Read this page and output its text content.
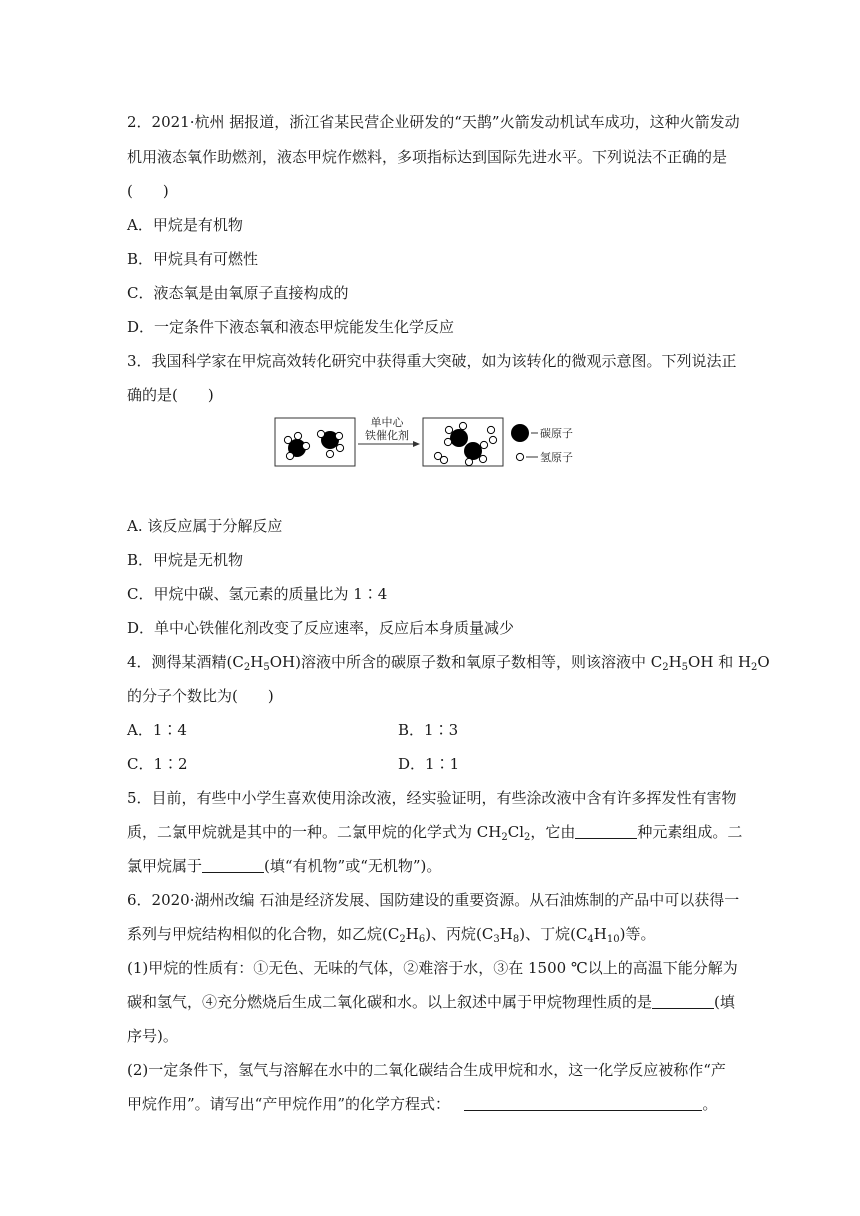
2．2021·杭州 据报道，浙江省某民营企业研发的“天鹊”火箭发动机试车成功，这种火箭发动
机用液态氧作助燃剂，液态甲烷作燃料，多项指标达到国际先进水平。下列说法不正确的是
(　　)
A．甲烷是有机物
B．甲烷具有可燃性
C．液态氧是由氧原子直接构成的
D．一定条件下液态氧和液态甲烷能发生化学反应
3．我国科学家在甲烷高效转化研究中获得重大突破，如为该转化的微观示意图。下列说法正
确的是(　　)
单中心
铁催化剂	碳原子
氢原子
A. 该反应属于分解反应
B．甲烷是无机物
C．甲烷中碳、氢元素的质量比为 1∶4
D．单中心铁催化剂改变了反应速率，反应后本身质量减少
4．测得某酒精$(C_2H_5OH)$溶液中所含的碳原子数和氧原子数相等，则该溶液中 $C_2H_5OH$ 和 $H_2O$
的分子个数比为(　　)
A．1∶4	B．1∶3
C．1∶2	D．1∶1
5．目前，有些中小学生喜欢使用涂改液，经实验证明，有些涂改液中含有许多挥发性有害物
质，二氯甲烷就是其中的一种。二氯甲烷的化学式为 $CH_2Cl_2$，它由	种元素组成。二
氯甲烷属于	(填“有机物”或“无机物”)。
6．2020·湖州改编 石油是经济发展、国防建设的重要资源。从石油炼制的产品中可以获得一
系列与甲烷结构相似的化合物，如乙烷$(C_2H_6)$、丙烷$(C_3H_8)$、丁烷$(C_4H_{10})$等。
(1)甲烷的性质有：①无色、无味的气体，②难溶于水，③在 1500 ℃以上的高温下能分解为
碳和氢气，④充分燃烧后生成二氧化碳和水。以上叙述中属于甲烷物理性质的是	(填
序号)。
(2)一定条件下，氢气与溶解在水中的二氧化碳结合生成甲烷和水，这一化学反应被称作“产
甲烷作用”。请写出“产甲烷作用”的化学方程式：	。
